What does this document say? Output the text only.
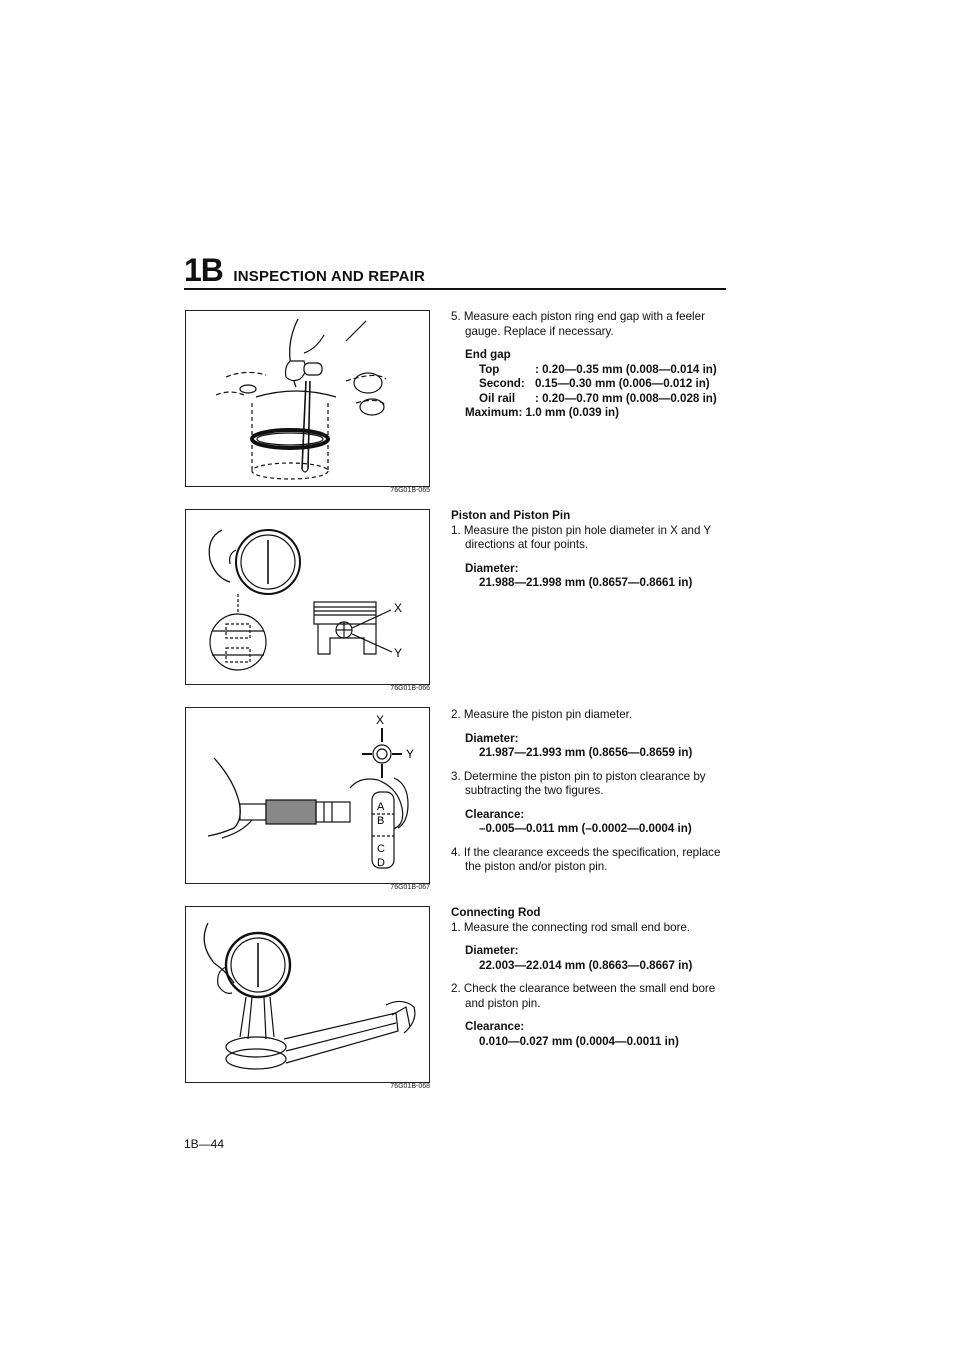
1B INSPECTION AND REPAIR
76G01B-065
X
Y
76G01B-066
X
Y
A
B
C
D
76G01B-067
76G01B-068

5. Measure each piston ring end gap with a feeler gauge. Replace if necessary.

End gap

Top	: 0.20—0.35 mm (0.008—0.014 in)
Second: 0.15—0.30 mm (0.006—0.012 in)
Oil rail	: 0.20—0.70 mm (0.008—0.028 in)

Maximum: 1.0 mm (0.039 in)

Piston and Piston Pin

1. Measure the piston pin hole diameter in X and Y directions at four points.

Diameter:

21.988—21.998 mm (0.8657—0.8661 in)

2. Measure the piston pin diameter.

Diameter:

21.987—21.993 mm (0.8656—0.8659 in)

3. Determine the piston pin to piston clearance by subtracting the two figures.

Clearance:

–0.005—0.011 mm (–0.0002—0.0004 in)

4. If the clearance exceeds the specification, replace the piston and/or piston pin.

Connecting Rod

1. Measure the connecting rod small end bore.

Diameter:

22.003—22.014 mm (0.8663—0.8667 in)

2. Check the clearance between the small end bore and piston pin.

Clearance:

0.010—0.027 mm (0.0004—0.0011 in)

1B—44
